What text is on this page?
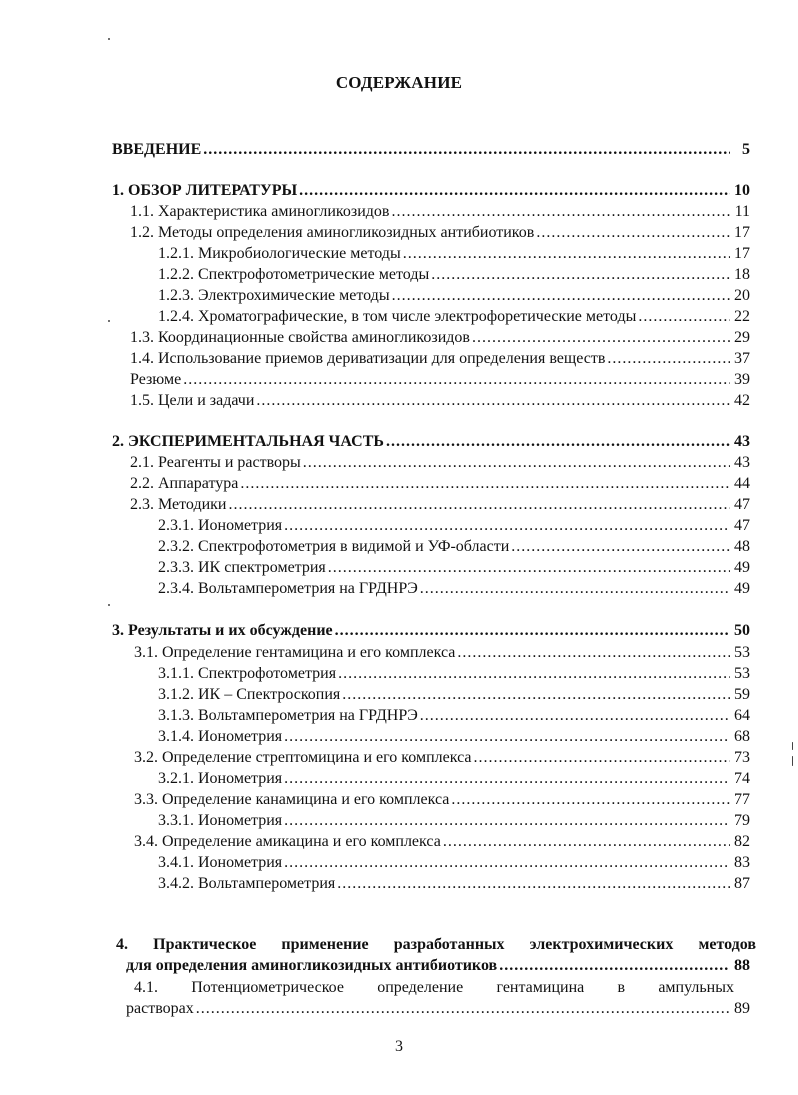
СОДЕРЖАНИЕ
ВВЕДЕНИЕ .....	5
1. ОБЗОР ЛИТЕРАТУРЫ .....	10
1.1. Характеристика аминогликозидов .....	11
1.2. Методы определения аминогликозидных антибиотиков .....	17
1.2.1. Микробиологические методы .....	17
1.2.2. Спектрофотометрические методы .....	18
1.2.3. Электрохимические методы .....	20
1.2.4. Хроматографические, в том числе электрофоретические методы .....	22
1.3. Координационные свойства аминогликозидов .....	29
1.4. Использование приемов дериватизации для определения веществ .....	37
Резюме .....	39
1.5. Цели и задачи .....	42
2. ЭКСПЕРИМЕНТАЛЬНАЯ ЧАСТЬ .....	43
2.1. Реагенты и растворы .....	43
2.2. Аппаратура .....	44
2.3. Методики .....	47
2.3.1. Ионометрия .....	47
2.3.2. Спектрофотометрия в видимой и УФ-области .....	48
2.3.3. ИК спектрометрия .....	49
2.3.4. Вольтамперометрия на ГРДНРЭ .....	49
3. Результаты и их обсуждение .....	50
3.1. Определение гентамицина и его комплекса .....	53
3.1.1. Спектрофотометрия .....	53
3.1.2. ИК – Спектроскопия .....	59
3.1.3. Вольтамперометрия на ГРДНРЭ .....	64
3.1.4. Ионометрия .....	68
3.2. Определение стрептомицина и его комплекса .....	73
3.2.1. Ионометрия .....	74
3.3. Определение канамицина и его комплекса .....	77
3.3.1. Ионометрия .....	79
3.4. Определение амикацина и его комплекса .....	82
3.4.1. Ионометрия .....	83
3.4.2. Вольтамперометрия .....	87
4. Практическое применение разработанных электрохимических методов
для определения аминогликозидных антибиотиков .....	88
4.1. Потенциометрическое определение гентамицина в ампульных
растворах .....	89
3
